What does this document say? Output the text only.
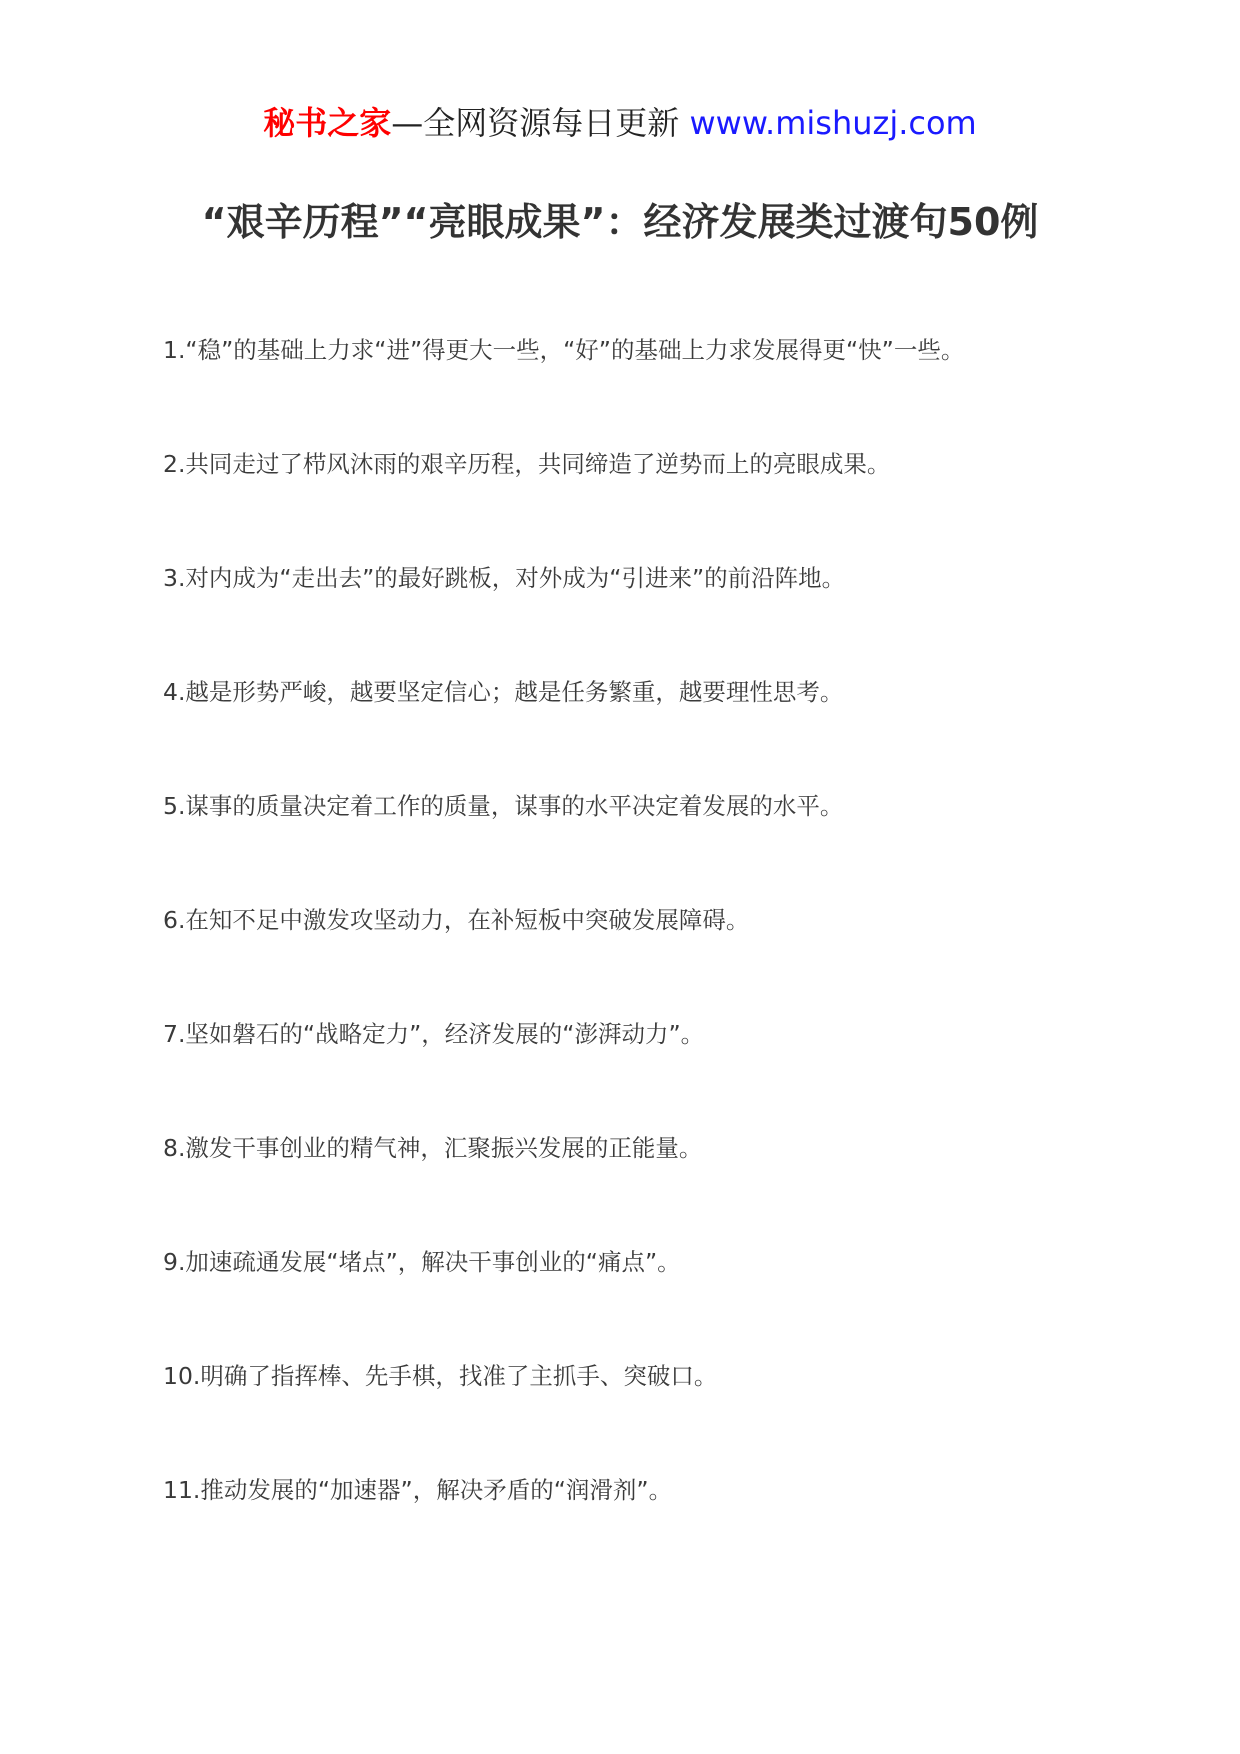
秘书之家—全网资源每日更新 www.mishuzj.com
“艰辛历程”“亮眼成果”：经济发展类过渡句50例
1.“稳”的基础上力求“进”得更大一些，“好”的基础上力求发展得更“快”一些。
2.共同走过了栉风沐雨的艰辛历程，共同缔造了逆势而上的亮眼成果。
3.对内成为“走出去”的最好跳板，对外成为“引进来”的前沿阵地。
4.越是形势严峻，越要坚定信心；越是任务繁重，越要理性思考。
5.谋事的质量决定着工作的质量，谋事的水平决定着发展的水平。
6.在知不足中激发攻坚动力，在补短板中突破发展障碍。
7.坚如磐石的“战略定力”，经济发展的“澎湃动力”。
8.激发干事创业的精气神，汇聚振兴发展的正能量。
9.加速疏通发展“堵点”，解决干事创业的“痛点”。
10.明确了指挥棒、先手棋，找准了主抓手、突破口。
11.推动发展的“加速器”，解决矛盾的“润滑剂”。
